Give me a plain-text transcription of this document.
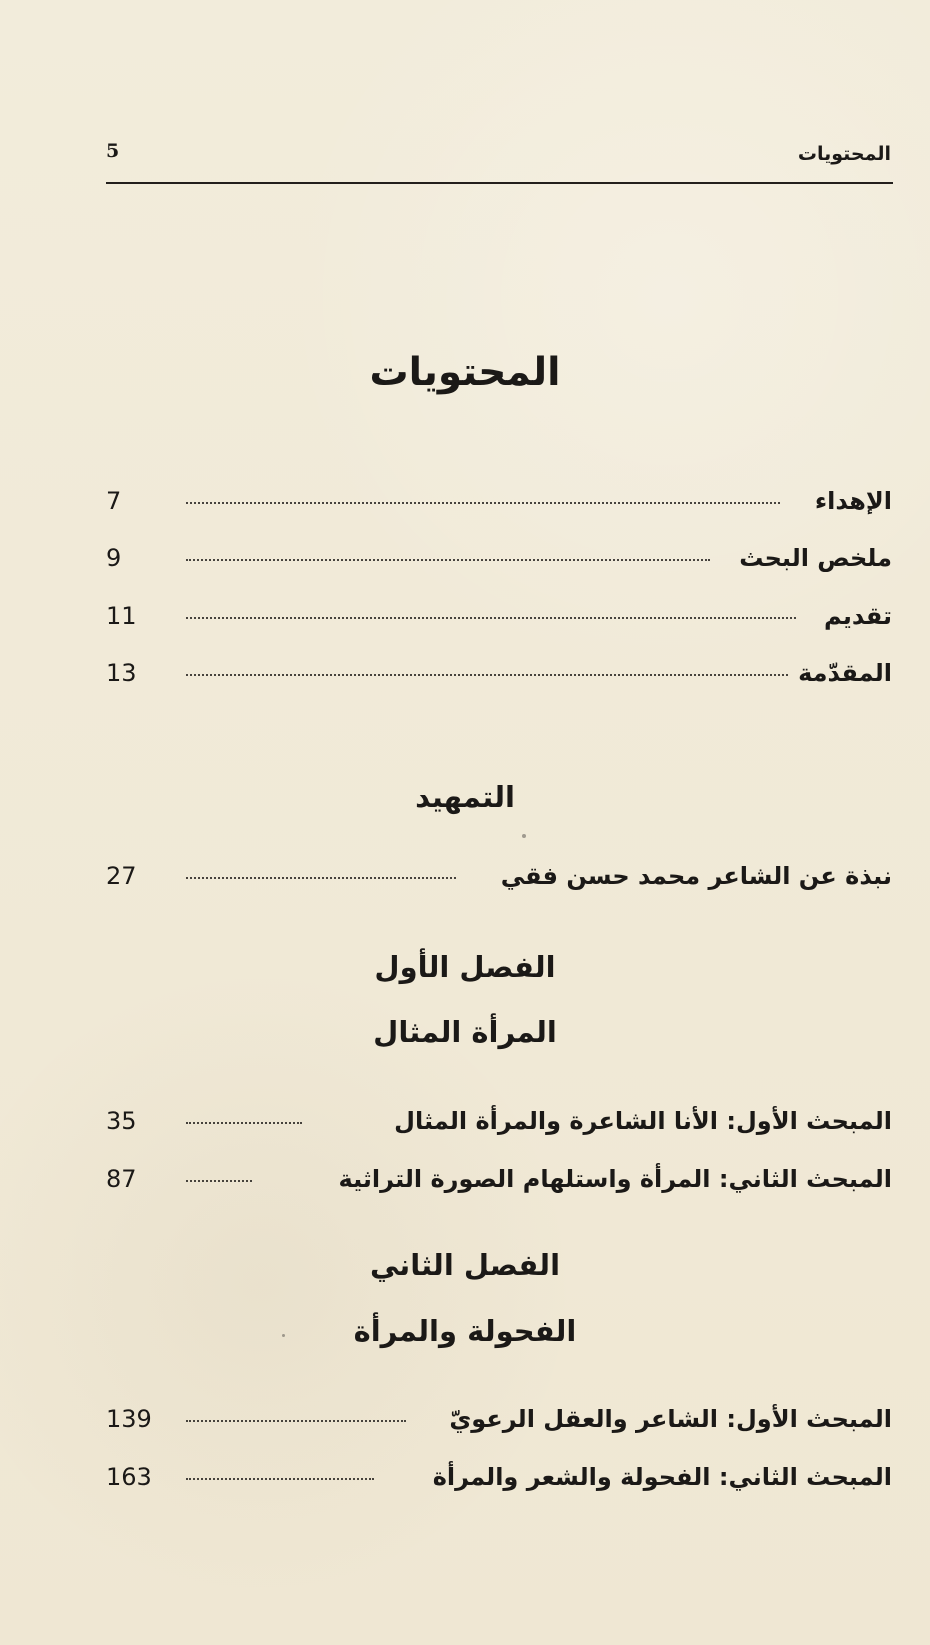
المحتويات
5
المحتويات
الإهداء
7
ملخص البحث
9
تقديم
11
المقدّمة
13
التمهيد
نبذة عن الشاعر محمد حسن فقي
27
الفصل الأول
المرأة المثال
المبحث الأول: الأنا الشاعرة والمرأة المثال
35
المبحث الثاني: المرأة واستلهام الصورة التراثية
87
الفصل الثاني
الفحولة والمرأة
المبحث الأول: الشاعر والعقل الرعويّ
139
المبحث الثاني: الفحولة والشعر والمرأة
163
